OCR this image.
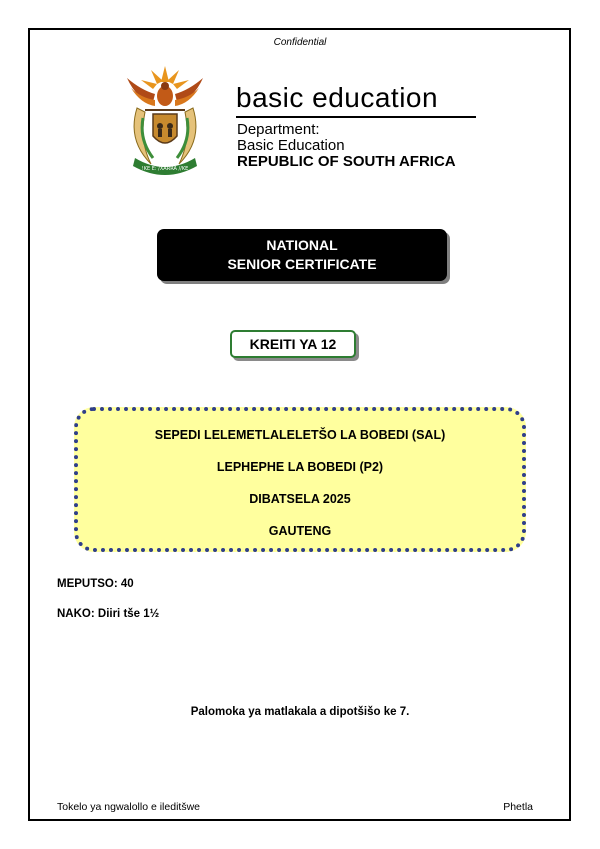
Confidential
!KE E: /XARRA //KE
basic education
Department:
Basic Education
REPUBLIC OF SOUTH AFRICA
NATIONAL
SENIOR CERTIFICATE
KREITI YA 12
SEPEDI LELEMETLALELETŠO LA BOBEDI (SAL)
LEPHEPHE LA BOBEDI (P2)
DIBATSELA 2025
GAUTENG
MEPUTSO: 40
NAKO: Diiri tše 1½
Palomoka ya matlakala a dipotšišo ke 7.
Tokelo ya ngwalollo e ileditšwe	Phetla
